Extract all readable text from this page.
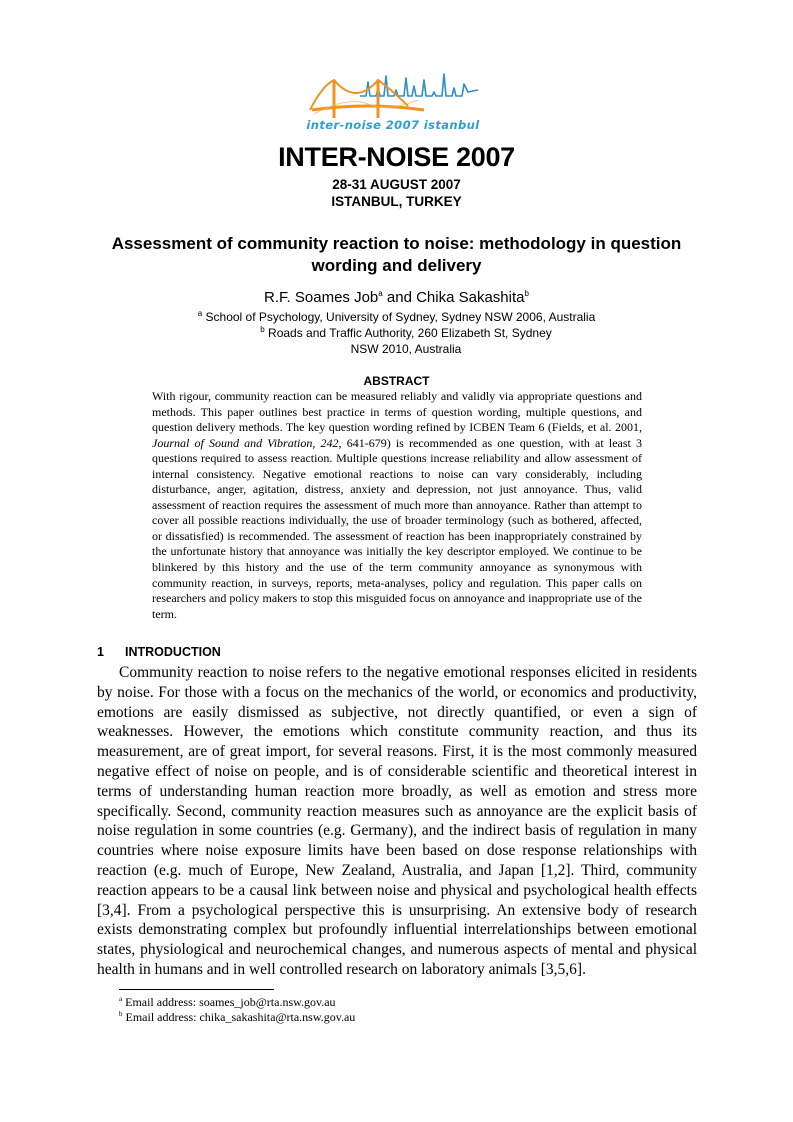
inter-noise 2007 istanbul
INTER-NOISE 2007
28-31 AUGUST 2007
ISTANBUL, TURKEY
Assessment of community reaction to noise: methodology in question wording and delivery
R.F. Soames Job$^a$ and Chika Sakashita$^b$
$^a$ School of Psychology, University of Sydney, Sydney NSW 2006, Australia
$^b$ Roads and Traffic Authority, 260 Elizabeth St, Sydney NSW 2010, Australia
ABSTRACT
With rigour, community reaction can be measured reliably and validly via appropriate questions and methods. This paper outlines best practice in terms of question wording, multiple questions, and question delivery methods. The key question wording refined by ICBEN Team 6 (Fields, et al. 2001, Journal of Sound and Vibration, 242, 641-679) is recommended as one question, with at least 3 questions required to assess reaction. Multiple questions increase reliability and allow assessment of internal consistency. Negative emotional reactions to noise can vary considerably, including disturbance, anger, agitation, distress, anxiety and depression, not just annoyance. Thus, valid assessment of reaction requires the assessment of much more than annoyance. Rather than attempt to cover all possible reactions individually, the use of broader terminology (such as bothered, affected, or dissatisfied) is recommended. The assessment of reaction has been inappropriately constrained by the unfortunate history that annoyance was initially the key descriptor employed. We continue to be blinkered by this history and the use of the term community annoyance as synonymous with community reaction, in surveys, reports, meta-analyses, policy and regulation. This paper calls on researchers and policy makers to stop this misguided focus on annoyance and inappropriate use of the term.
1 INTRODUCTION

Community reaction to noise refers to the negative emotional responses elicited in residents by noise. For those with a focus on the mechanics of the world, or economics and productivity, emotions are easily dismissed as subjective, not directly quantified, or even a sign of weaknesses. However, the emotions which constitute community reaction, and thus its measurement, are of great import, for several reasons. First, it is the most commonly measured negative effect of noise on people, and is of considerable scientific and theoretical interest in terms of understanding human reaction more broadly, as well as emotion and stress more specifically. Second, community reaction measures such as annoyance are the explicit basis of noise regulation in some countries (e.g. Germany), and the indirect basis of regulation in many countries where noise exposure limits have been based on dose response relationships with reaction (e.g. much of Europe, New Zealand, Australia, and Japan [1,2]. Third, community reaction appears to be a causal link between noise and physical and psychological health effects [3,4]. From a psychological perspective this is unsurprising. An extensive body of research exists demonstrating complex but profoundly influential interrelationships between emotional states, physiological and neurochemical changes, and numerous aspects of mental and physical health in humans and in well controlled research on laboratory animals [3,5,6].

$^a$ Email address: soames_job@rta.nsw.gov.au
$^b$ Email address: chika_sakashita@rta.nsw.gov.au
